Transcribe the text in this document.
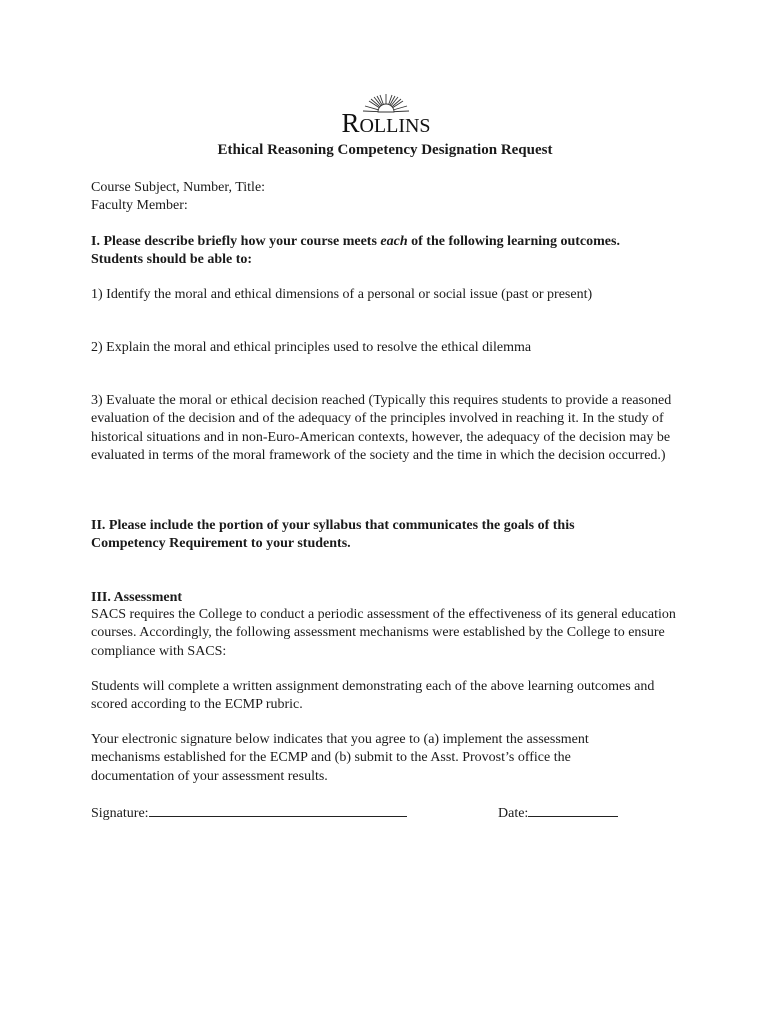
ROLLINS
Ethical Reasoning Competency Designation Request
Course Subject, Number, Title:
Faculty Member:
I. Please describe briefly how your course meets each of the following learning outcomes.
Students should be able to:
1) Identify the moral and ethical dimensions of a personal or social issue (past or present)
2) Explain the moral and ethical principles used to resolve the ethical dilemma
3) Evaluate the moral or ethical decision reached (Typically this requires students to provide a reasoned evaluation of the decision and of the adequacy of the principles involved in reaching it. In the study of historical situations and in non-Euro-American contexts, however, the adequacy of the decision may be evaluated in terms of the moral framework of the society and the time in which the decision occurred.)
II. Please include the portion of your syllabus that communicates the goals of this Competency Requirement to your students.
III. Assessment
SACS requires the College to conduct a periodic assessment of the effectiveness of its general education courses. Accordingly, the following assessment mechanisms were established by the College to ensure compliance with SACS:
Students will complete a written assignment demonstrating each of the above learning outcomes and scored according to the ECMP rubric.
Your electronic signature below indicates that you agree to (a) implement the assessment mechanisms established for the ECMP and (b) submit to the Asst. Provost’s office the documentation of your assessment results.
Signature:	Date:
